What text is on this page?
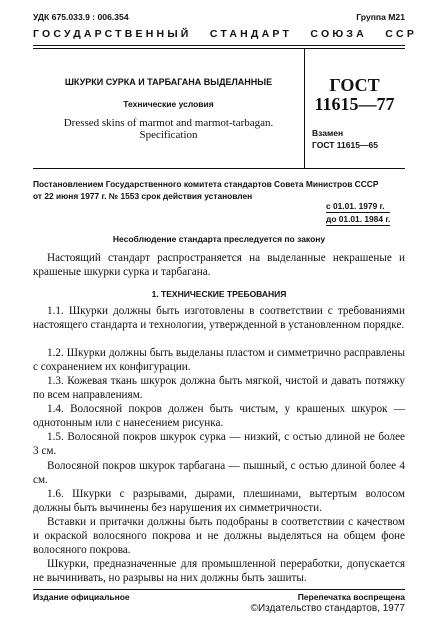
УДК 675.033.9 : 006.354	Группа М21
ГОСУДАРСТВЕННЫЙ   СТАНДАРТ   СОЮЗА   ССР
ШКУРКИ СУРКА И ТАРБАГАНА ВЫДЕЛАННЫЕ
Технические условия
Dressed skins of marmot and marmot-tarbagan.
Specification
ГОСТ
11615—77
Взамен
ГОСТ 11615—65
Постановлением Государственного комитета стандартов Совета Министров СССР
от 22 июня 1977 г. № 1553 срок действия установлен
с 01.01. 1979 г.
до 01.01. 1984 г.
Несоблюдение стандарта преследуется по закону

Настоящий стандарт распространяется на выделанные некрашеные и крашеные шкурки сурка и тарбагана.

1. ТЕХНИЧЕСКИЕ ТРЕБОВАНИЯ

1.1. Шкурки должны быть изготовлены в соответствии с требованиями настоящего стандарта и технологии, утвержденной в установленном порядке.

1.2. Шкурки должны быть выделаны пластом и симметрично расправлены с сохранением их конфигурации.

1.3. Кожевая ткань шкурок должна быть мягкой, чистой и давать потяжку по всем направлениям.

1.4. Волосяной покров должен быть чистым, у крашеных шкурок — однотонным или с нанесением рисунка.

1.5. Волосяной покров шкурок сурка — низкий, с остью длиной не более 3 см.

Волосяной покров шкурок тарбагана — пышный, с остью длиной более 4 см.

1.6. Шкурки с разрывами, дырами, плешинами, вытертым волосом должны быть вычинены без нарушения их симметричности.

Вставки и притачки должны быть подобраны в соответствии с качеством и окраской волосяного покрова и не должны выделяться на общем фоне волосяного покрова.

Шкурки, предназначенные для промышленной переработки, допускается не вычинивать, но разрывы на них должны быть зашиты.

Издание официальное	Перепечатка воспрещена
©Издательство стандартов, 1977
